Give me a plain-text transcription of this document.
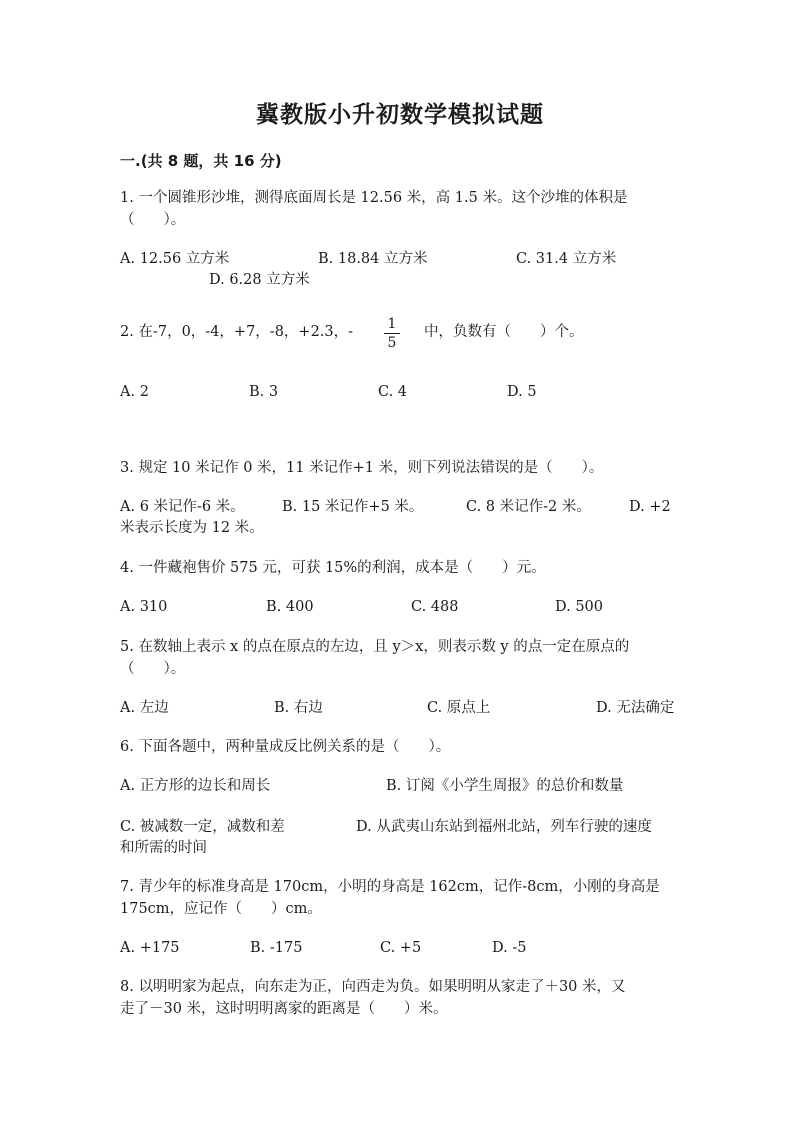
冀教版小升初数学模拟试题
一.(共 8 题，共 16 分)
1. 一个圆锥形沙堆，测得底面周长是 12.56 米，高 1.5 米。这个沙堆的体积是
（　　）。
A. 12.56 立方米	B. 18.84 立方米	C. 31.4 立方米
D. 6.28 立方米
2. 在-7，0，-4，+7，-8，+2.3，- 1
5
中，负数有（　　）个。
A. 2	B. 3	C. 4	D. 5
3. 规定 10 米记作 0 米，11 米记作+1 米，则下列说法错误的是（　　）。
A. 6 米记作-6 米。	B. 15 米记作+5 米。	C. 8 米记作-2 米。	D. +2
米表示长度为 12 米。
4. 一件藏袍售价 575 元，可获 15%的利润，成本是（　　）元。
A. 310	B. 400	C. 488	D. 500
5. 在数轴上表示 x 的点在原点的左边，且 y＞x，则表示数 y 的点一定在原点的
（　　）。
A. 左边	B. 右边	C. 原点上	D. 无法确定
6. 下面各题中，两种量成反比例关系的是（　　）。
A. 正方形的边长和周长	B. 订阅《小学生周报》的总价和数量
C. 被减数一定，减数和差	D. 从武夷山东站到福州北站，列车行驶的速度
和所需的时间
7. 青少年的标准身高是 170cm，小明的身高是 162cm，记作-8cm，小刚的身高是
175cm，应记作（　　）cm。
A. +175	B. -175	C. +5	D. -5
8. 以明明家为起点，向东走为正，向西走为负。如果明明从家走了＋30 米，又
走了－30 米，这时明明离家的距离是（　　）米。
